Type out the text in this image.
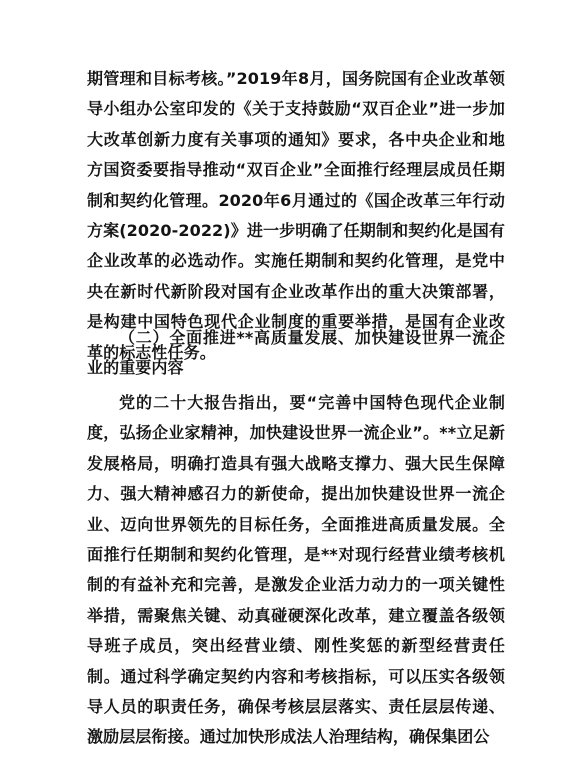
期管理和目标考核。”2019年8月，国务院国有企业改革领导小组办公室印发的《关于支持鼓励“双百企业”进一步加大改革创新力度有关事项的通知》要求，各中央企业和地方国资委要指导推动“双百企业”全面推行经理层成员任期制和契约化管理。2020年6月通过的《国企改革三年行动方案(2020-2022)》进一步明确了任期制和契约化是国有企业改革的必选动作。实施任期制和契约化管理，是党中央在新时代新阶段对国有企业改革作出的重大决策部署，是构建中国特色现代企业制度的重要举措，是国有企业改革的标志性任务。

（二）全面推进**高质量发展、加快建设世界一流企业的重要内容

党的二十大报告指出，要“完善中国特色现代企业制度，弘扬企业家精神，加快建设世界一流企业”。**立足新发展格局，明确打造具有强大战略支撑力、强大民生保障力、强大精神感召力的新使命，提出加快建设世界一流企业、迈向世界领先的目标任务，全面推进高质量发展。全面推行任期制和契约化管理，是**对现行经营业绩考核机制的有益补充和完善，是激发企业活力动力的一项关键性举措，需聚焦关键、动真碰硬深化改革，建立覆盖各级领导班子成员，突出经营业绩、刚性奖惩的新型经营责任制。通过科学确定契约内容和考核指标，可以压实各级领导人员的职责任务，确保考核层层落实、责任层层传递、激励层层衔接。通过加快形成法人治理结构，确保集团公
